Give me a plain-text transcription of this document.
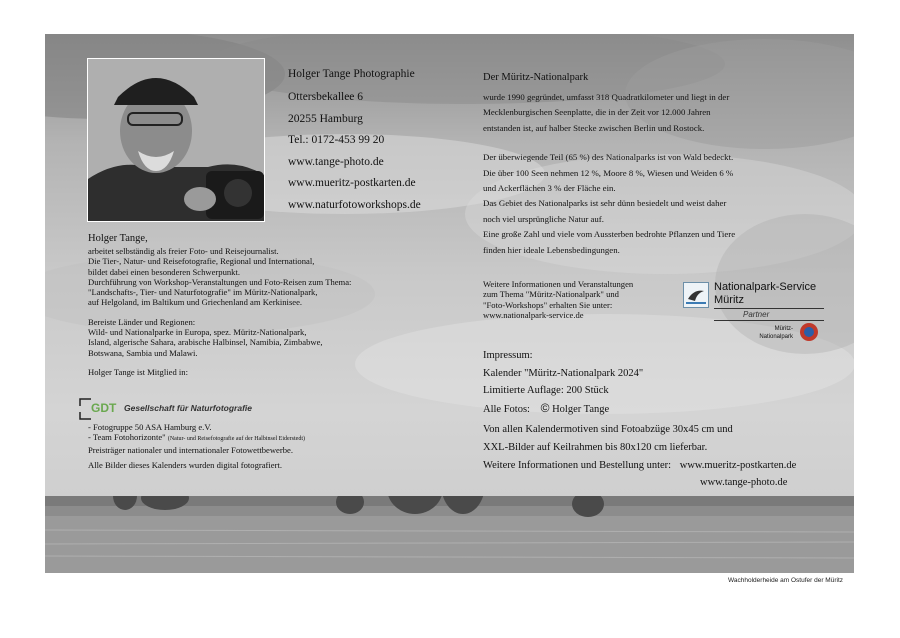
Holger Tange Photographie
Ottersbekallee 6
20255 Hamburg
Tel.: 0172-453 99 20
www.tange-photo.de
www.mueritz-postkarten.de
www.naturfotoworkshops.de
Holger Tange,
arbeitet selbständig als freier Foto- und Reisejournalist.
Die Tier-, Natur- und Reisefotografie, Regional und International,
bildet dabei einen besonderen Schwerpunkt.
Durchführung von Workshop-Veranstaltungen und Foto-Reisen zum Thema:
"Landschafts-, Tier- und Naturfotografie" im Müritz-Nationalpark,
auf Helgoland, im Baltikum und Griechenland am Kerkinisee.
Bereiste Länder und Regionen:
Wild- und Nationalparke in Europa, spez. Müritz-Nationalpark,
Island, algerische Sahara, arabische Halbinsel, Namibia, Zimbabwe,
Botswana, Sambia und Malawi.
Holger Tange ist Mitglied in:
GDT Gesellschaft für Naturfotografie
- Fotogruppe 50 ASA Hamburg e.V.
- Team Fotohorizonte" (Natur- und Reisefotografie auf der Halbinsel Eiderstedt)
Preisträger nationaler und internationaler Fotowettbewerbe.
Alle Bilder dieses Kalenders wurden digital fotografiert.
Der Müritz-Nationalpark
wurde 1990 gegründet, umfasst 318 Quadratkilometer und liegt in der
Mecklenburgischen Seenplatte, die in der Zeit vor 12.000 Jahren
entstanden ist, auf halber Stecke zwischen Berlin und Rostock.
Der überwiegende Teil (65 %) des Nationalparks ist von Wald bedeckt.
Die über 100 Seen nehmen 12 %, Moore 8 %, Wiesen und Weiden 6 %
und Ackerflächen 3 % der Fläche ein.
Das Gebiet des Nationalparks ist sehr dünn besiedelt und weist daher
noch viel ursprüngliche Natur auf.
Eine große Zahl und viele vom Aussterben bedrohte Pflanzen und Tiere
finden hier ideale Lebensbedingungen.
Weitere Informationen und Veranstaltungen
zum Thema "Müritz-Nationalpark" und
"Foto-Workshops" erhalten Sie unter:
www.nationalpark-service.de
Nationalpark-Service
Müritz
Partner
Müritz-
Nationalpark
Impressum:
Kalender "Müritz-Nationalpark 2024"
Limitierte Auflage: 200 Stück
Alle Fotos: © Holger Tange
Von allen Kalendermotiven sind Fotoabzüge 30x45 cm und
XXL-Bilder auf Keilrahmen bis 80x120 cm lieferbar.
Weitere Informationen und Bestellung unter: www.mueritz-postkarten.de
www.tange-photo.de
Wachholderheide am Ostufer der Müritz
